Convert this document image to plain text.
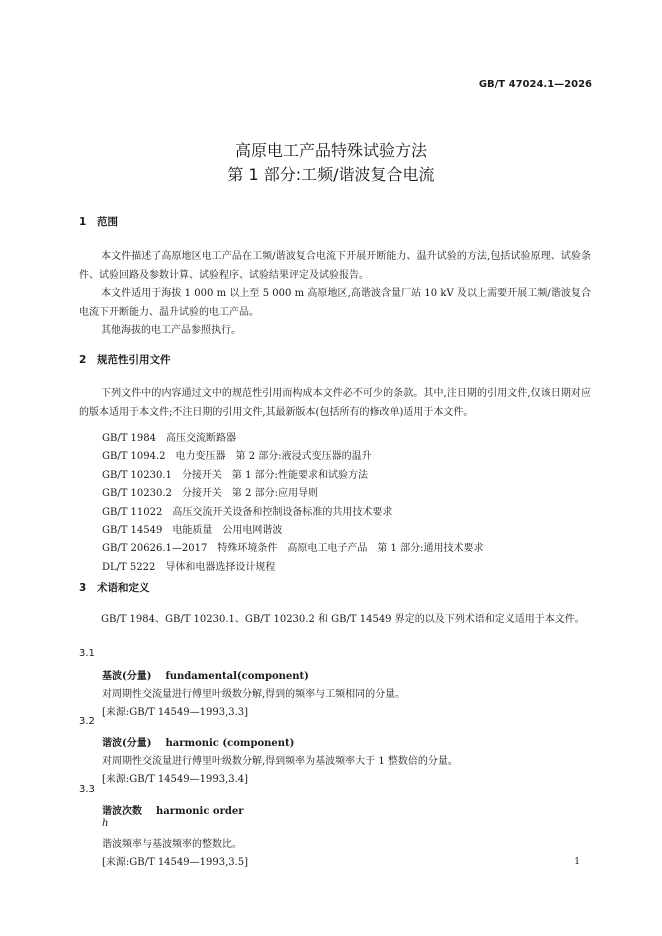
GB/T 47024.1—2026
高原电工产品特殊试验方法
第 1 部分:工频/谐波复合电流
1 范围
本文件描述了高原地区电工产品在工频/谐波复合电流下开展开断能力、温升试验的方法,包括试验原理、试验条件、试验回路及参数计算、试验程序、试验结果评定及试验报告。
本文件适用于海拔 1 000 m 以上至 5 000 m 高原地区,高谐波含量厂站 10 kV 及以上需要开展工频/谐波复合电流下开断能力、温升试验的电工产品。
其他海拔的电工产品参照执行。
2 规范性引用文件
下列文件中的内容通过文中的规范性引用而构成本文件必不可少的条款。其中,注日期的引用文件,仅该日期对应的版本适用于本文件;不注日期的引用文件,其最新版本(包括所有的修改单)适用于本文件。
GB/T 1984 高压交流断路器
GB/T 1094.2 电力变压器　第 2 部分:液浸式变压器的温升
GB/T 10230.1 分接开关　第 1 部分:性能要求和试验方法
GB/T 10230.2 分接开关　第 2 部分:应用导则
GB/T 11022 高压交流开关设备和控制设备标准的共用技术要求
GB/T 14549 电能质量　公用电网谐波
GB/T 20626.1—2017 特殊环境条件　高原电工电子产品　第 1 部分:通用技术要求
DL/T 5222 导体和电器选择设计规程
3 术语和定义
GB/T 1984、GB/T 10230.1、GB/T 10230.2 和 GB/T 14549 界定的以及下列术语和定义适用于本文件。
3.1
基波(分量) fundamental(component)
对周期性交流量进行傅里叶级数分解,得到的频率与工频相同的分量。
[来源:GB/T 14549—1993,3.3]
3.2
谐波(分量) harmonic (component)
对周期性交流量进行傅里叶级数分解,得到频率为基波频率大于 1 整数倍的分量。
[来源:GB/T 14549—1993,3.4]
3.3
谐波次数 harmonic order
h
谐波频率与基波频率的整数比。
[来源:GB/T 14549—1993,3.5]	1
